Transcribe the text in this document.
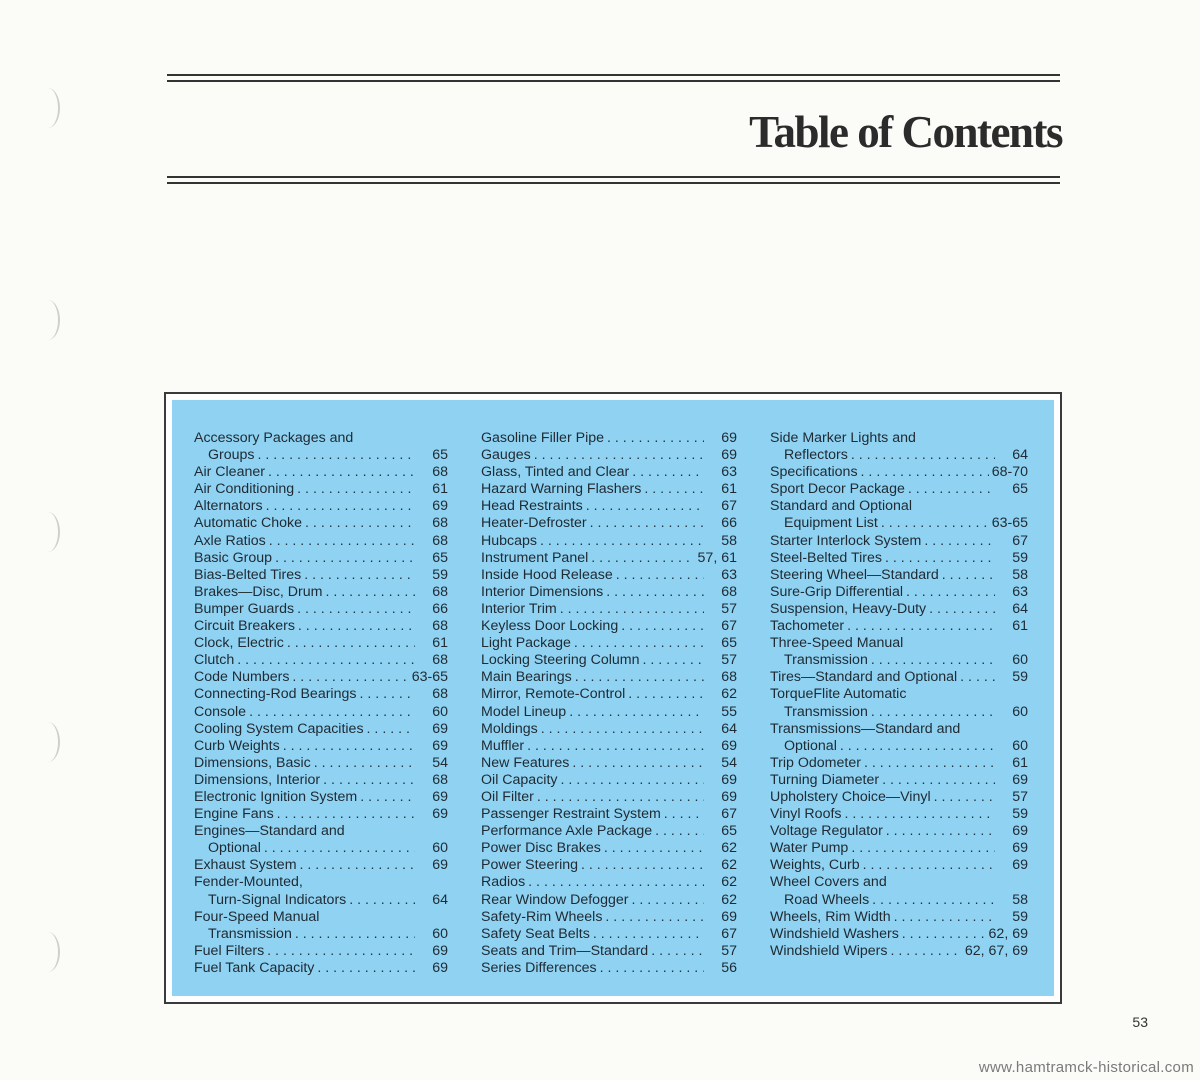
Table of Contents
Accessory Packages and
Groups . . .	65
Air Cleaner . . .	68
Air Conditioning . . .	61
Alternators . . .	69
Automatic Choke . . .	68
Axle Ratios . . .	68
Basic Group . . .	65
Bias-Belted Tires . . .	59
Brakes—Disc, Drum . . .	68
Bumper Guards . . .	66
Circuit Breakers . . .	68
Clock, Electric . . .	61
Clutch . . .	68
Code Numbers . . .	63-65
Connecting-Rod Bearings . . .	68
Console . . .	60
Cooling System Capacities . . .	69
Curb Weights . . .	69
Dimensions, Basic . . .	54
Dimensions, Interior . . .	68
Electronic Ignition System . . .	69
Engine Fans . . .	69
Engines—Standard and
Optional . . .	60
Exhaust System . . .	69
Fender-Mounted,
Turn-Signal Indicators . . .	64
Four-Speed Manual
Transmission . . .	60
Fuel Filters . . .	69
Fuel Tank Capacity . . .	69
Gasoline Filler Pipe . . .	69
Gauges . . .	69
Glass, Tinted and Clear . . .	63
Hazard Warning Flashers . . .	61
Head Restraints . . .	67
Heater-Defroster . . .	66
Hubcaps . . .	58
Instrument Panel . . .	57, 61
Inside Hood Release . . .	63
Interior Dimensions . . .	68
Interior Trim . . .	57
Keyless Door Locking . . .	67
Light Package . . .	65
Locking Steering Column . . .	57
Main Bearings . . .	68
Mirror, Remote-Control . . .	62
Model Lineup . . .	55
Moldings . . .	64
Muffler . . .	69
New Features . . .	54
Oil Capacity . . .	69
Oil Filter . . .	69
Passenger Restraint System . . .	67
Performance Axle Package . . .	65
Power Disc Brakes . . .	62
Power Steering . . .	62
Radios . . .	62
Rear Window Defogger . . .	62
Safety-Rim Wheels . . .	69
Safety Seat Belts . . .	67
Seats and Trim—Standard . . .	57
Series Differences . . .	56
Side Marker Lights and
Reflectors . . .	64
Specifications . . .	68-70
Sport Decor Package . . .	65
Standard and Optional
Equipment List . . .	63-65
Starter Interlock System . . .	67
Steel-Belted Tires . . .	59
Steering Wheel—Standard . . .	58
Sure-Grip Differential . . .	63
Suspension, Heavy-Duty . . .	64
Tachometer . . .	61
Three-Speed Manual
Transmission . . .	60
Tires—Standard and Optional . . .	59
TorqueFlite Automatic
Transmission . . .	60
Transmissions—Standard and
Optional . . .	60
Trip Odometer . . .	61
Turning Diameter . . .	69
Upholstery Choice—Vinyl . . .	57
Vinyl Roofs . . .	59
Voltage Regulator . . .	69
Water Pump . . .	69
Weights, Curb . . .	69
Wheel Covers and
Road Wheels . . .	58
Wheels, Rim Width . . .	59
Windshield Washers . . .	62, 69
Windshield Wipers . . .	62, 67, 69
53
www.hamtramck-historical.com
